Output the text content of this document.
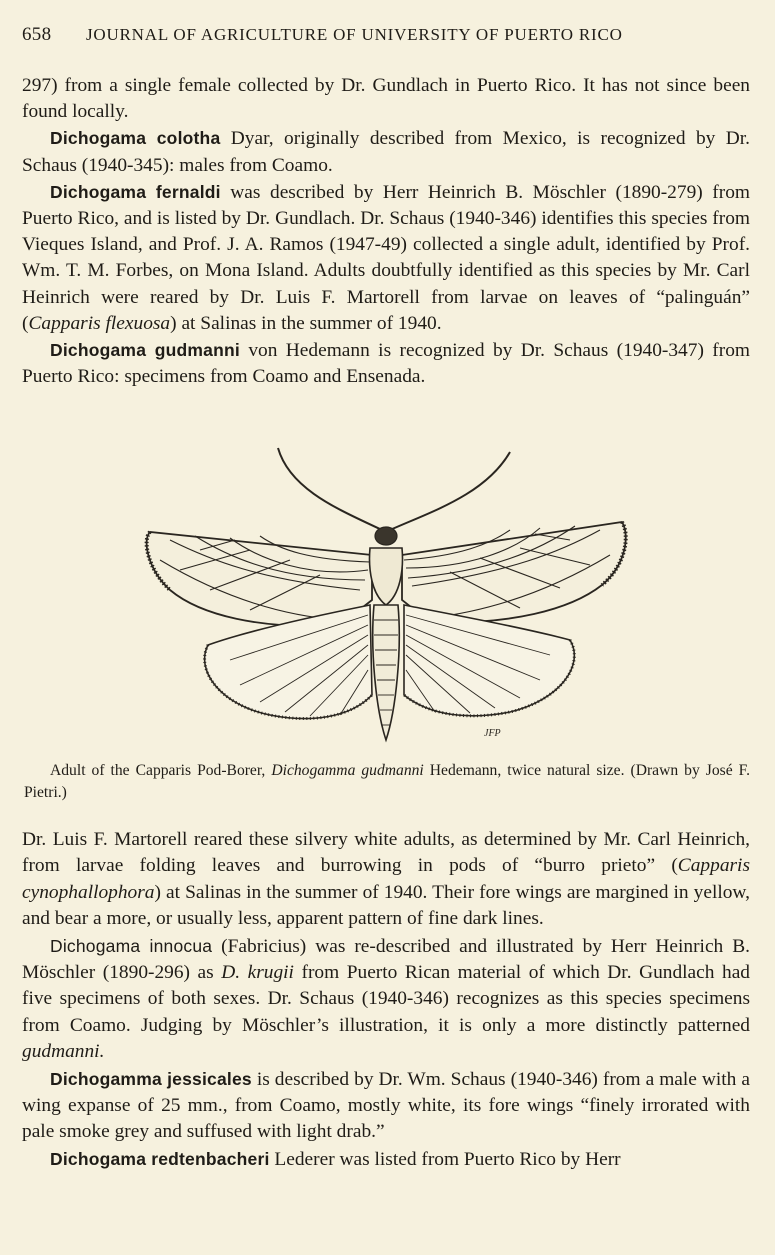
658 JOURNAL OF AGRICULTURE OF UNIVERSITY OF PUERTO RICO

297) from a single female collected by Dr. Gundlach in Puerto Rico. It has not since been found locally.

Dichogama colotha Dyar, originally described from Mexico, is recognized by Dr. Schaus (1940-345): males from Coamo.

Dichogama fernaldi was described by Herr Heinrich B. Möschler (1890-279) from Puerto Rico, and is listed by Dr. Gundlach. Dr. Schaus (1940-346) identifies this species from Vieques Island, and Prof. J. A. Ramos (1947-49) collected a single adult, identified by Prof. Wm. T. M. Forbes, on Mona Island. Adults doubtfully identified as this species by Mr. Carl Heinrich were reared by Dr. Luis F. Martorell from larvae on leaves of “palinguán” (Capparis flexuosa) at Salinas in the summer of 1940.

Dichogama gudmanni von Hedemann is recognized by Dr. Schaus (1940-347) from Puerto Rico: specimens from Coamo and Ensenada.

JFP

Adult of the Capparis Pod-Borer, Dichogamma gudmanni Hedemann, twice natural size. (Drawn by José F. Pietri.)

Dr. Luis F. Martorell reared these silvery white adults, as determined by Mr. Carl Heinrich, from larvae folding leaves and burrowing in pods of “burro prieto” (Capparis cynophallophora) at Salinas in the summer of 1940. Their fore wings are margined in yellow, and bear a more, or usually less, apparent pattern of fine dark lines.

Dichogama innocua (Fabricius) was re-described and illustrated by Herr Heinrich B. Möschler (1890-296) as D. krugii from Puerto Rican material of which Dr. Gundlach had five specimens of both sexes. Dr. Schaus (1940-346) recognizes as this species specimens from Coamo. Judging by Möschler’s illustration, it is only a more distinctly patterned gudmanni.

Dichogamma jessicales is described by Dr. Wm. Schaus (1940-346) from a male with a wing expanse of 25 mm., from Coamo, mostly white, its fore wings “finely irrorated with pale smoke grey and suffused with light drab.”

Dichogama redtenbacheri Lederer was listed from Puerto Rico by Herr
